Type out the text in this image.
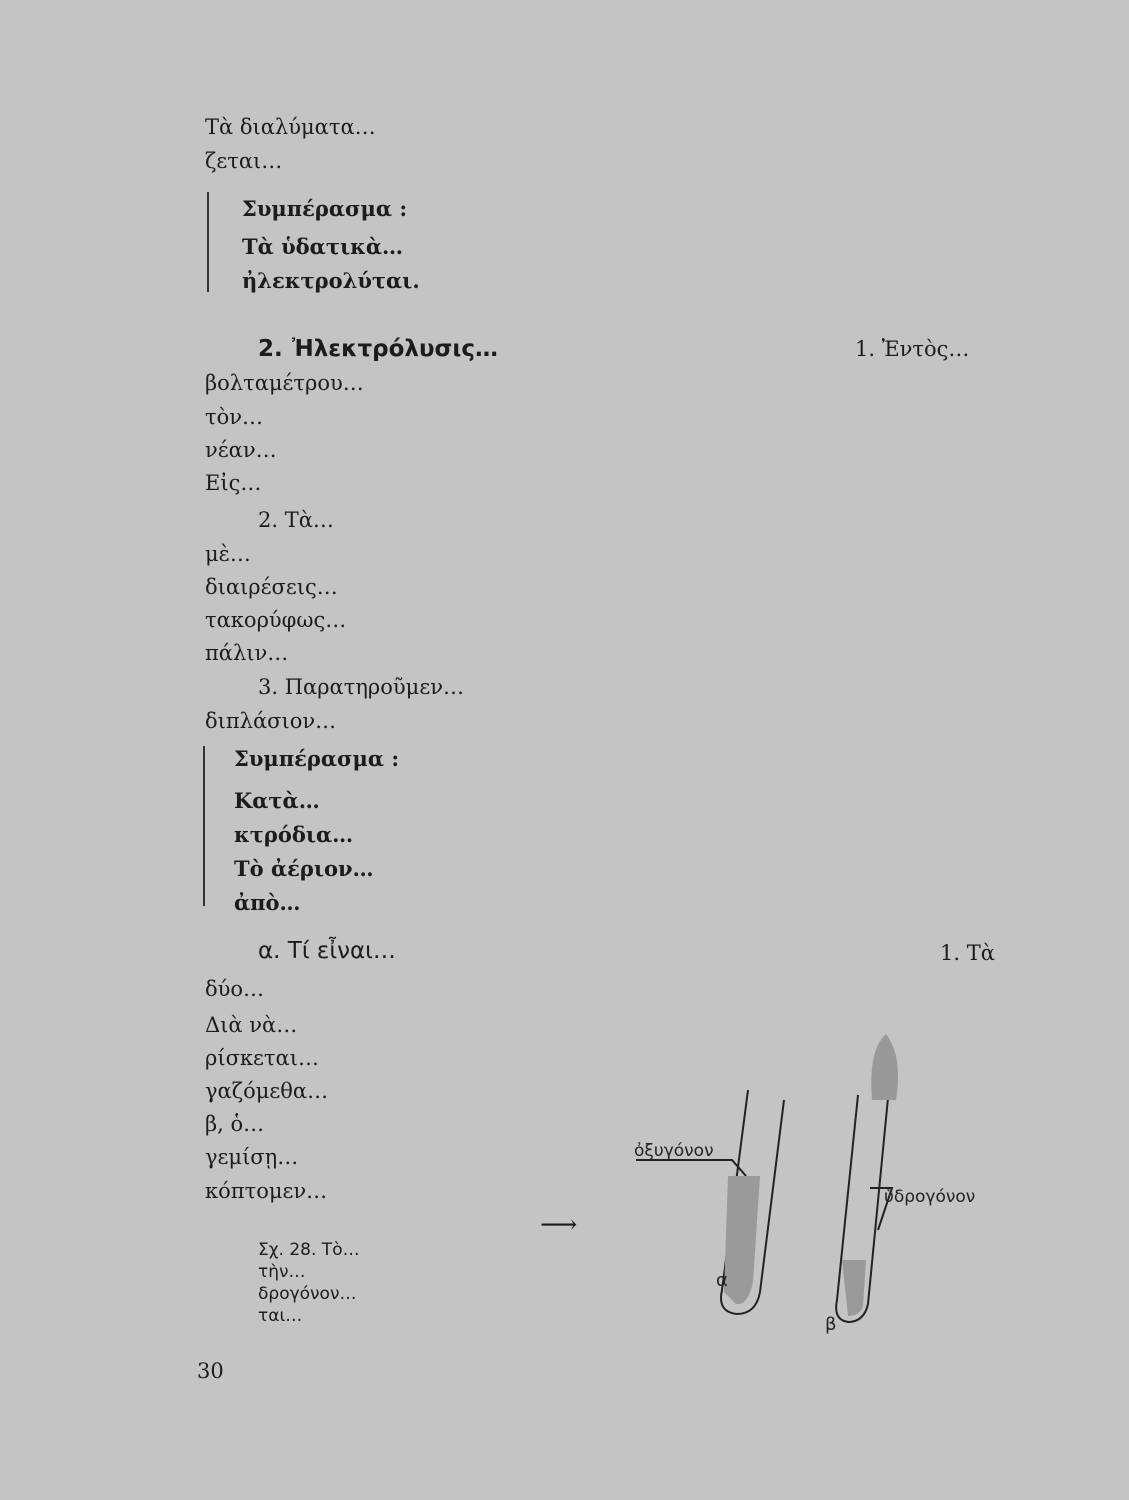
Τὰ διαλύματα…
ζεται…
Συμπέρασμα :
Τὰ ὑδατικὰ…
ἠλεκτρολύται.
2. Ἠλεκτρόλυσις…	1. Ἐντὸς…
βολταμέτρου…
τὸν…
νέαν…
Εἰς…
2. Τὰ…
μὲ…
διαιρέσεις…
τακορύφως…
πάλιν…
3. Παρατηροῦμεν…
διπλάσιον…
Συμπέρασμα :
Κατὰ…
κτρόδια…
Τὸ ἀέριον…
ἀπὸ…
α. Τί εἶναι…	1. Τὰ
δύο…
Διὰ νὰ…
ρίσκεται…
γαζόμεθα…
β, ὁ…
γεμίσῃ…
κόπτομεν…
⟶
Σχ. 28. Τὸ…
τὴν…
δρογόνον…
ται…
ὀξυγόνον
ὑδρογόνον
α
β
30
